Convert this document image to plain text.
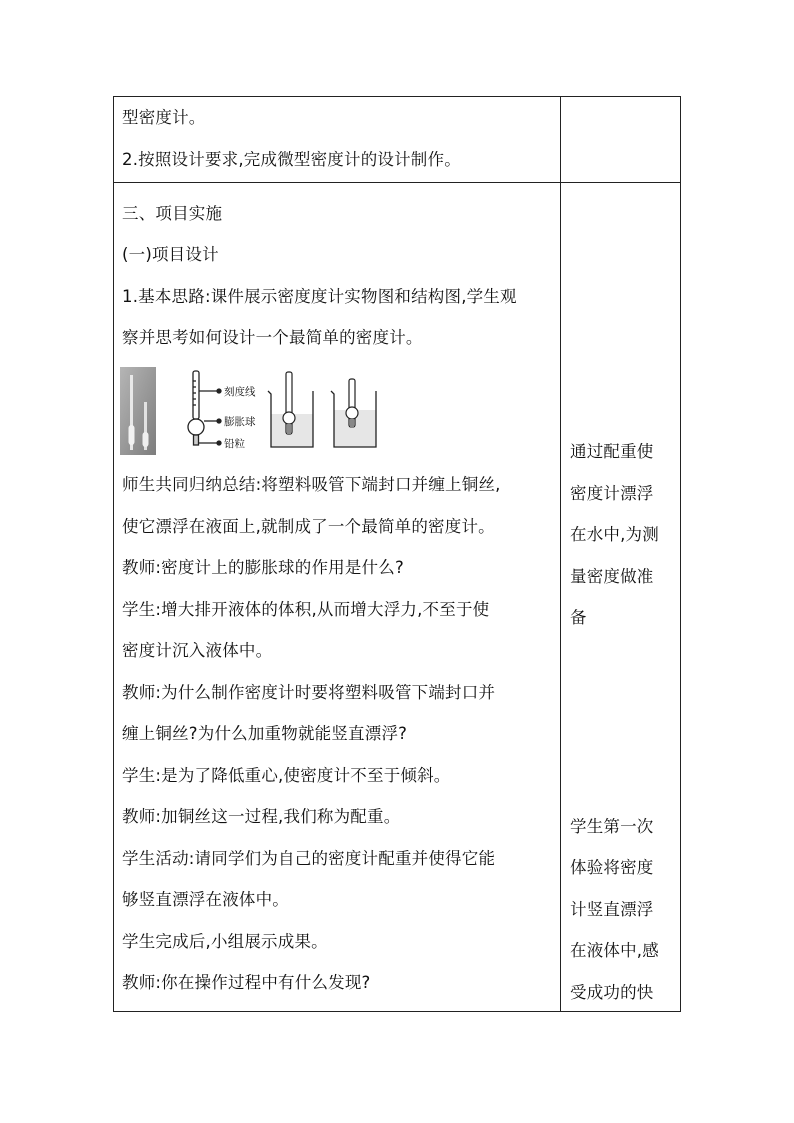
型密度计。
2.按照设计要求,完成微型密度计的设计制作。
三、项目实施
(一)项目设计
1.基本思路:课件展示密度度计实物图和结构图,学生观
察并思考如何设计一个最简单的密度计。
刻度线
膨胀球
铅粒
师生共同归纳总结:将塑料吸管下端封口并缠上铜丝,
使它漂浮在液面上,就制成了一个最简单的密度计。
教师:密度计上的膨胀球的作用是什么?
学生:增大排开液体的体积,从而增大浮力,不至于使
密度计沉入液体中。
教师:为什么制作密度计时要将塑料吸管下端封口并
缠上铜丝?为什么加重物就能竖直漂浮?
学生:是为了降低重心,使密度计不至于倾斜。
教师:加铜丝这一过程,我们称为配重。
学生活动:请同学们为自己的密度计配重并使得它能
够竖直漂浮在液体中。
学生完成后,小组展示成果。
教师:你在操作过程中有什么发现?
通过配重使
密度计漂浮
在水中,为测
量密度做准
备
学生第一次
体验将密度
计竖直漂浮
在液体中,感
受成功的快
